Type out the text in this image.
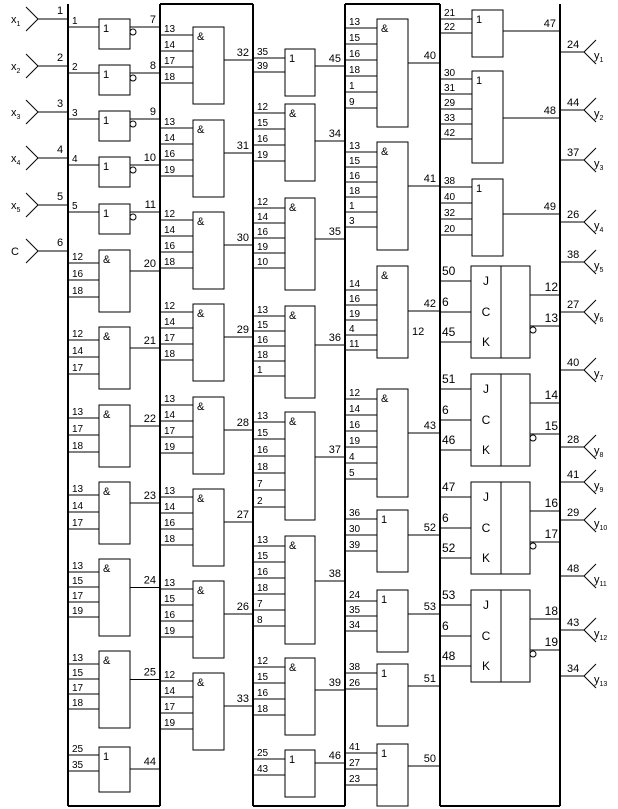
$x_1$
1
$x_2$
2
$x_3$
3
$x_4$
4
$x_5$
5
C
6
24
$y_1$
44
$y_2$
37
$y_3$
26
$y_4$
38
$y_5$
27
$y_6$
40
$y_7$
28
$y_8$
41
$y_9$
29
$y_{10}$
48
$y_{11}$
43
$y_{12}$
34
$y_{13}$
1
1	7
1
2	8
1
3	9
1
4	10
1
5	11
&
12
16
18
20
&
12
14
17
21
&
13
17
18
22
&
13
14
17
23
&
13
15
17
19
24
&
13
15
17
18
25
1
25
35	44
&
13
14
17
18
32
&
13
14
16
19
31
&
12
14
16
18
30
&
12
14
17
18
29
&
13
14
17
19
28
&
13
14
16
18
27
&
13
15
16
19
26
&
12
14
17
19
33
1
35
39
45
&
12
15
16
19
34
&
12
14
16
19
10
35
&
13
15
16
18
1
36
&
13
15
16
18
7
2
37
&
13
15
16
18
7
8
38
&
12
15
16
18
39
1
25
43
46
&
13
15
16
18
1
9
40
&
13
15
16
18
1
3
41
&
14
16
19
4
11
42
12
&
12
14
16
19
4
5
43
1
36
30
39
52
1
24
35
34
53
1
38
26	51
1
41
27
23
50
1
21
22	47
1
30
31
29
33
42
48
1
38
40
32
20
49
50
J
6
C
45
K
12
13
51
J
6
C
46
K
14
15
47
J
6
C
52
K
16
17
53
J
6
C
48
K
18
19
